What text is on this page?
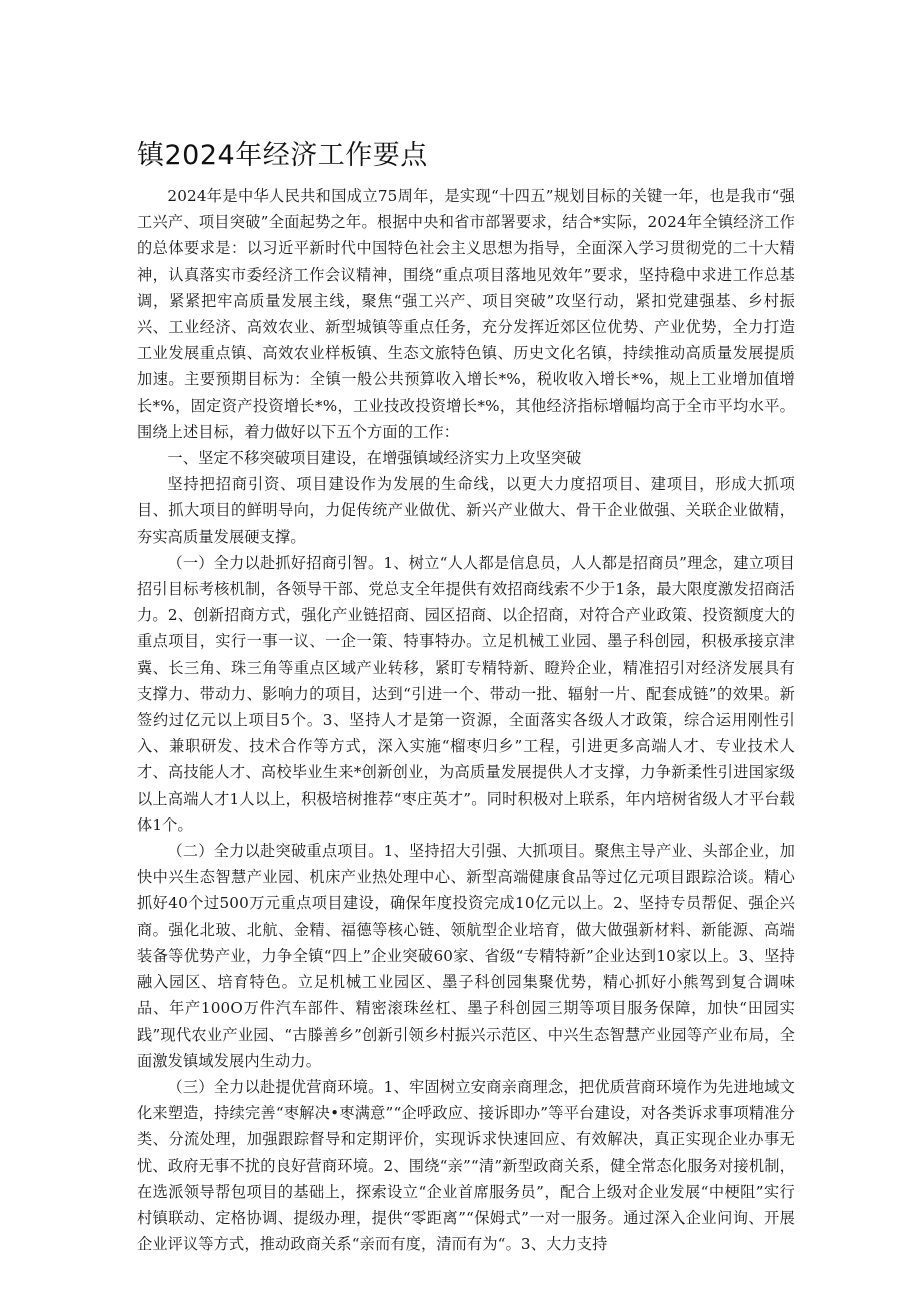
镇2024年经济工作要点

2024年是中华人民共和国成立75周年，是实现“十四五”规划目标的关键一年，也是我市“强工兴产、项目突破”全面起势之年。根据中央和省市部署要求，结合*实际，2024年全镇经济工作的总体要求是：以习近平新时代中国特色社会主义思想为指导，全面深入学习贯彻党的二十大精神，认真落实市委经济工作会议精神，围绕“重点项目落地见效年”要求，坚持稳中求进工作总基调，紧紧把牢高质量发展主线，聚焦“强工兴产、项目突破”攻坚行动，紧扣党建强基、乡村振兴、工业经济、高效农业、新型城镇等重点任务，充分发挥近郊区位优势、产业优势，全力打造工业发展重点镇、高效农业样板镇、生态文旅特色镇、历史文化名镇，持续推动高质量发展提质加速。主要预期目标为：全镇一般公共预算收入增长*%，税收收入增长*%，规上工业增加值增长*%，固定资产投资增长*%，工业技改投资增长*%，其他经济指标增幅均高于全市平均水平。围绕上述目标，着力做好以下五个方面的工作：

一、坚定不移突破项目建设，在增强镇域经济实力上攻坚突破

坚持把招商引资、项目建设作为发展的生命线，以更大力度招项目、建项目，形成大抓项目、抓大项目的鲜明导向，力促传统产业做优、新兴产业做大、骨干企业做强、关联企业做精，夯实高质量发展硬支撑。

（一）全力以赴抓好招商引智。1、树立“人人都是信息员，人人都是招商员”理念，建立项目招引目标考核机制，各领导干部、党总支全年提供有效招商线索不少于1条，最大限度激发招商活力。2、创新招商方式，强化产业链招商、园区招商、以企招商，对符合产业政策、投资额度大的重点项目，实行一事一议、一企一策、特事特办。立足机械工业园、墨子科创园，积极承接京津冀、长三角、珠三角等重点区域产业转移，紧盯专精特新、瞪羚企业，精准招引对经济发展具有支撑力、带动力、影响力的项目，达到“引进一个、带动一批、辐射一片、配套成链”的效果。新签约过亿元以上项目5个。3、坚持人才是第一资源，全面落实各级人才政策，综合运用刚性引入、兼职研发、技术合作等方式，深入实施“榴枣归乡”工程，引进更多高端人才、专业技术人才、高技能人才、高校毕业生来*创新创业，为高质量发展提供人才支撑，力争新柔性引进国家级以上高端人才1人以上，积极培树推荐“枣庄英才”。同时积极对上联系，年内培树省级人才平台载体1个。

（二）全力以赴突破重点项目。1、坚持招大引强、大抓项目。聚焦主导产业、头部企业，加快中兴生态智慧产业园、机床产业热处理中心、新型高端健康食品等过亿元项目跟踪洽谈。精心抓好40个过500万元重点项目建设，确保年度投资完成10亿元以上。2、坚持专员帮促、强企兴商。强化北玻、北航、金精、福德等核心链、领航型企业培育，做大做强新材料、新能源、高端装备等优势产业，力争全镇“四上”企业突破60家、省级“专精特新”企业达到10家以上。3、坚持融入园区、培育特色。立足机械工业园区、墨子科创园集聚优势，精心抓好小熊驾到复合调味品、年产100O万件汽车部件、精密滚珠丝杠、墨子科创园三期等项目服务保障，加快“田园实践”现代农业产业园、“古滕善乡”创新引领乡村振兴示范区、中兴生态智慧产业园等产业布局，全面激发镇域发展内生动力。

（三）全力以赴提优营商环境。1、牢固树立安商亲商理念，把优质营商环境作为先进地域文化来塑造，持续完善“枣解决•枣满意”“企呼政应、接诉即办”等平台建设，对各类诉求事项精准分类、分流处理，加强跟踪督导和定期评价，实现诉求快速回应、有效解决，真正实现企业办事无忧、政府无事不扰的良好营商环境。2、围绕“亲”“清”新型政商关系，健全常态化服务对接机制，在选派领导帮包项目的基础上，探索设立“企业首席服务员”，配合上级对企业发展“中梗阻”实行村镇联动、定格协调、提级办理，提供“零距离”“保姆式”一对一服务。通过深入企业问询、开展企业评议等方式，推动政商关系“亲而有度，清而有为“。3、大力支持
